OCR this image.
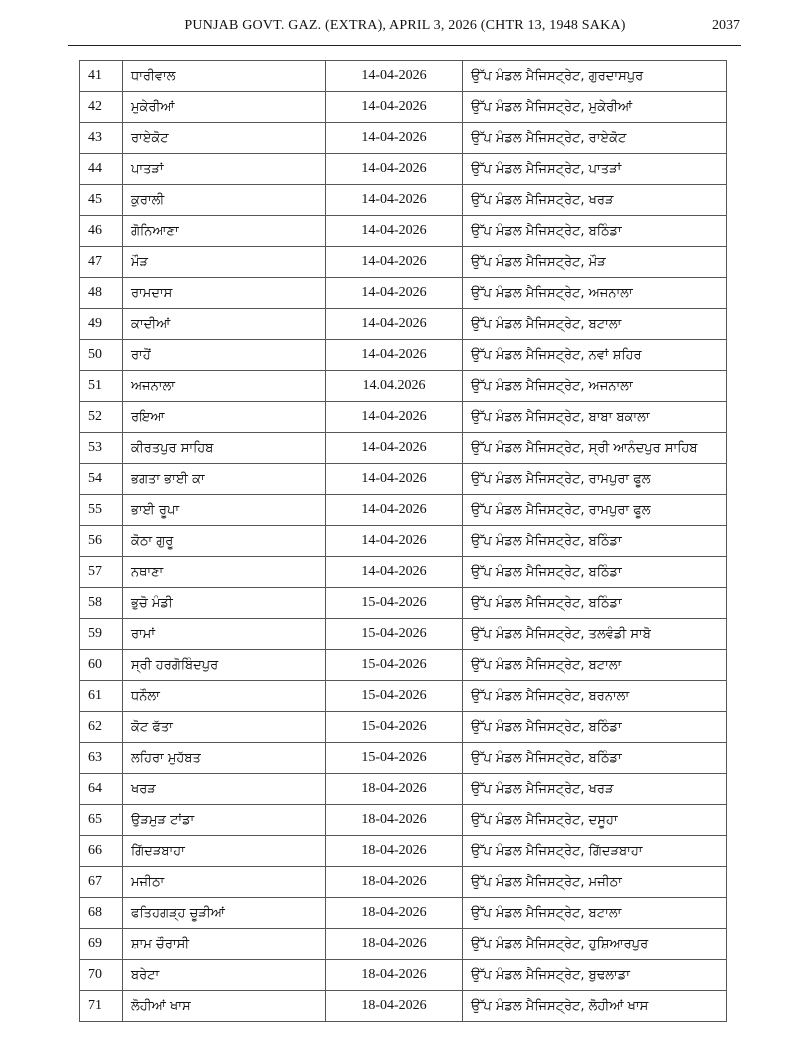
PUNJAB GOVT. GAZ. (EXTRA), APRIL 3, 2026 (CHTR 13, 1948 SAKA)	2037
41	ਧਾਰੀਵਾਲ	14-04-2026	ਉੱਪ ਮੰਡਲ ਮੈਜਿਸਟ੍ਰੇਟ, ਗੁਰਦਾਸਪੁਰ
42	ਮੁਕੇਰੀਆਂ	14-04-2026	ਉੱਪ ਮੰਡਲ ਮੈਜਿਸਟ੍ਰੇਟ, ਮੁਕੇਰੀਆਂ
43	ਰਾਏਕੋਟ	14-04-2026	ਉੱਪ ਮੰਡਲ ਮੈਜਿਸਟ੍ਰੇਟ, ਰਾਏਕੋਟ
44	ਪਾਤੜਾਂ	14-04-2026	ਉੱਪ ਮੰਡਲ ਮੈਜਿਸਟ੍ਰੇਟ, ਪਾਤੜਾਂ
45	ਕੁਰਾਲੀ	14-04-2026	ਉੱਪ ਮੰਡਲ ਮੈਜਿਸਟ੍ਰੇਟ, ਖਰੜ
46	ਗੋਨਿਆਣਾ	14-04-2026	ਉੱਪ ਮੰਡਲ ਮੈਜਿਸਟ੍ਰੇਟ, ਬਠਿੰਡਾ
47	ਮੌੜ	14-04-2026	ਉੱਪ ਮੰਡਲ ਮੈਜਿਸਟ੍ਰੇਟ, ਮੌੜ
48	ਰਾਮਦਾਸ	14-04-2026	ਉੱਪ ਮੰਡਲ ਮੈਜਿਸਟ੍ਰੇਟ, ਅਜਨਾਲਾ
49	ਕਾਦੀਆਂ	14-04-2026	ਉੱਪ ਮੰਡਲ ਮੈਜਿਸਟ੍ਰੇਟ, ਬਟਾਲਾ
50	ਰਾਹੋਂ	14-04-2026	ਉੱਪ ਮੰਡਲ ਮੈਜਿਸਟ੍ਰੇਟ, ਨਵਾਂ ਸ਼ਹਿਰ
51	ਅਜਨਾਲਾ	14.04.2026	ਉੱਪ ਮੰਡਲ ਮੈਜਿਸਟ੍ਰੇਟ, ਅਜਨਾਲਾ
52	ਰਇਆ	14-04-2026	ਉੱਪ ਮੰਡਲ ਮੈਜਿਸਟ੍ਰੇਟ, ਬਾਬਾ ਬਕਾਲਾ
53	ਕੀਰਤਪੁਰ ਸਾਹਿਬ	14-04-2026	ਉੱਪ ਮੰਡਲ ਮੈਜਿਸਟ੍ਰੇਟ, ਸ੍ਰੀ ਆਨੰਦਪੁਰ ਸਾਹਿਬ
54	ਭਗਤਾ ਭਾਈ ਕਾ	14-04-2026	ਉੱਪ ਮੰਡਲ ਮੈਜਿਸਟ੍ਰੇਟ, ਰਾਮਪੁਰਾ ਫੂਲ
55	ਭਾਈ ਰੂਪਾ	14-04-2026	ਉੱਪ ਮੰਡਲ ਮੈਜਿਸਟ੍ਰੇਟ, ਰਾਮਪੁਰਾ ਫੂਲ
56	ਕੋਠਾ ਗੁਰੂ	14-04-2026	ਉੱਪ ਮੰਡਲ ਮੈਜਿਸਟ੍ਰੇਟ, ਬਠਿੰਡਾ
57	ਨਥਾਣਾ	14-04-2026	ਉੱਪ ਮੰਡਲ ਮੈਜਿਸਟ੍ਰੇਟ, ਬਠਿੰਡਾ
58	ਭੁਚੋ ਮੰਡੀ	15-04-2026	ਉੱਪ ਮੰਡਲ ਮੈਜਿਸਟ੍ਰੇਟ, ਬਠਿੰਡਾ
59	ਰਾਮਾਂ	15-04-2026	ਉੱਪ ਮੰਡਲ ਮੈਜਿਸਟ੍ਰੇਟ, ਤਲਵੰਡੀ ਸਾਬੋ
60	ਸ੍ਰੀ ਹਰਗੋਬਿੰਦਪੁਰ	15-04-2026	ਉੱਪ ਮੰਡਲ ਮੈਜਿਸਟ੍ਰੇਟ, ਬਟਾਲਾ
61	ਧਨੌਲਾ	15-04-2026	ਉੱਪ ਮੰਡਲ ਮੈਜਿਸਟ੍ਰੇਟ, ਬਰਨਾਲਾ
62	ਕੋਟ ਫੱਤਾ	15-04-2026	ਉੱਪ ਮੰਡਲ ਮੈਜਿਸਟ੍ਰੇਟ, ਬਠਿੰਡਾ
63	ਲਹਿਰਾ ਮੁਹੱਬਤ	15-04-2026	ਉੱਪ ਮੰਡਲ ਮੈਜਿਸਟ੍ਰੇਟ, ਬਠਿੰਡਾ
64	ਖਰੜ	18-04-2026	ਉੱਪ ਮੰਡਲ ਮੈਜਿਸਟ੍ਰੇਟ, ਖਰੜ
65	ਉੜਮੁੜ ਟਾਂਡਾ	18-04-2026	ਉੱਪ ਮੰਡਲ ਮੈਜਿਸਟ੍ਰੇਟ, ਦਸੂਹਾ
66	ਗਿੱਦੜਬਾਹਾ	18-04-2026	ਉੱਪ ਮੰਡਲ ਮੈਜਿਸਟ੍ਰੇਟ, ਗਿੱਦੜਬਾਹਾ
67	ਮਜੀਠਾ	18-04-2026	ਉੱਪ ਮੰਡਲ ਮੈਜਿਸਟ੍ਰੇਟ, ਮਜੀਠਾ
68	ਫਤਿਹਗੜ੍ਹ ਚੂੜੀਆਂ	18-04-2026	ਉੱਪ ਮੰਡਲ ਮੈਜਿਸਟ੍ਰੇਟ, ਬਟਾਲਾ
69	ਸ਼ਾਮ ਚੌਰਾਸੀ	18-04-2026	ਉੱਪ ਮੰਡਲ ਮੈਜਿਸਟ੍ਰੇਟ, ਹੁਸ਼ਿਆਰਪੁਰ
70	ਬਰੇਟਾ	18-04-2026	ਉੱਪ ਮੰਡਲ ਮੈਜਿਸਟ੍ਰੇਟ, ਬੁਢਲਾਡਾ
71	ਲੋਹੀਆਂ ਖਾਸ	18-04-2026	ਉੱਪ ਮੰਡਲ ਮੈਜਿਸਟ੍ਰੇਟ, ਲੋਹੀਆਂ ਖਾਸ
